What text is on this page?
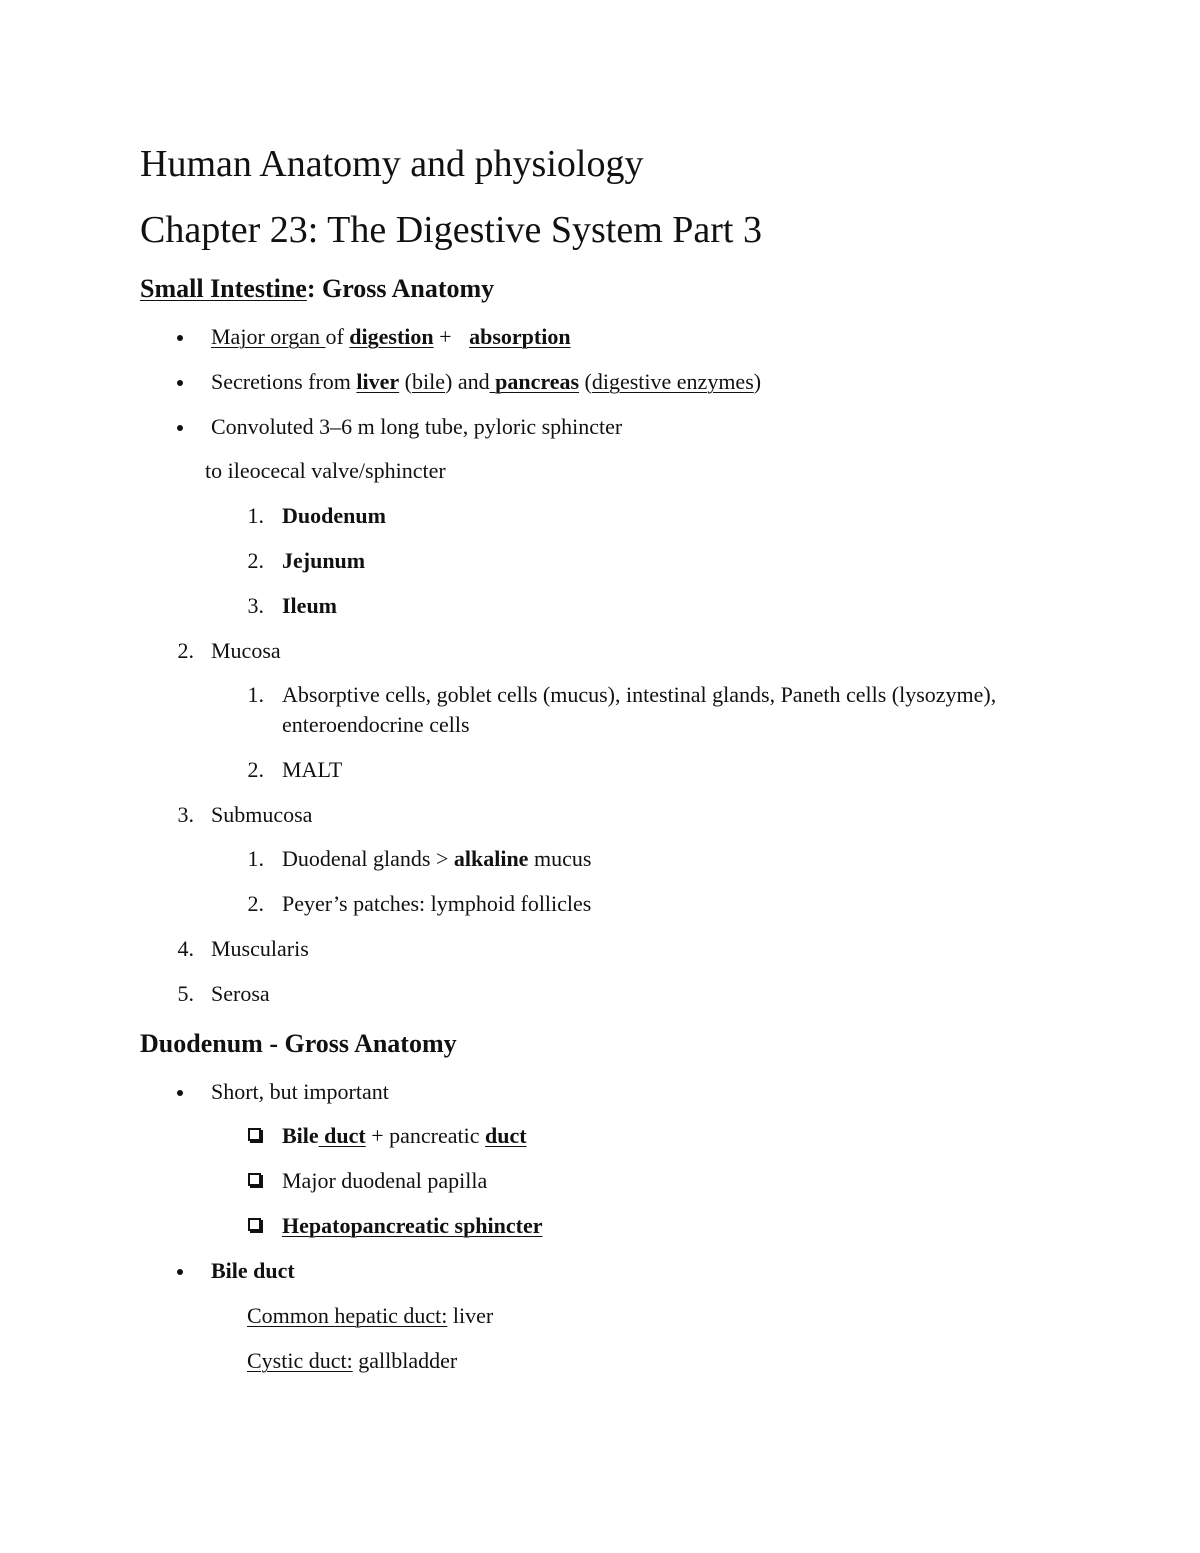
Human Anatomy and physiology
Chapter 23: The Digestive System Part 3
Small Intestine: Gross Anatomy
Major organ of digestion + absorption
Secretions from liver (bile) and pancreas (digestive enzymes)
Convoluted 3–6 m long tube, pyloric sphincter
to ileocecal valve/sphincter
1. Duodenum
2. Jejunum
3. Ileum
2. Mucosa
1. Absorptive cells, goblet cells (mucus), intestinal glands, Paneth cells (lysozyme),
enteroendocrine cells
2. MALT
3. Submucosa
1. Duodenal glands > alkaline mucus
2. Peyer’s patches: lymphoid follicles
4. Muscularis
5. Serosa
Duodenum - Gross Anatomy
Short, but important
Bile duct + pancreatic duct
Major duodenal papilla
Hepatopancreatic sphincter
Bile duct
Common hepatic duct: liver
Cystic duct: gallbladder
